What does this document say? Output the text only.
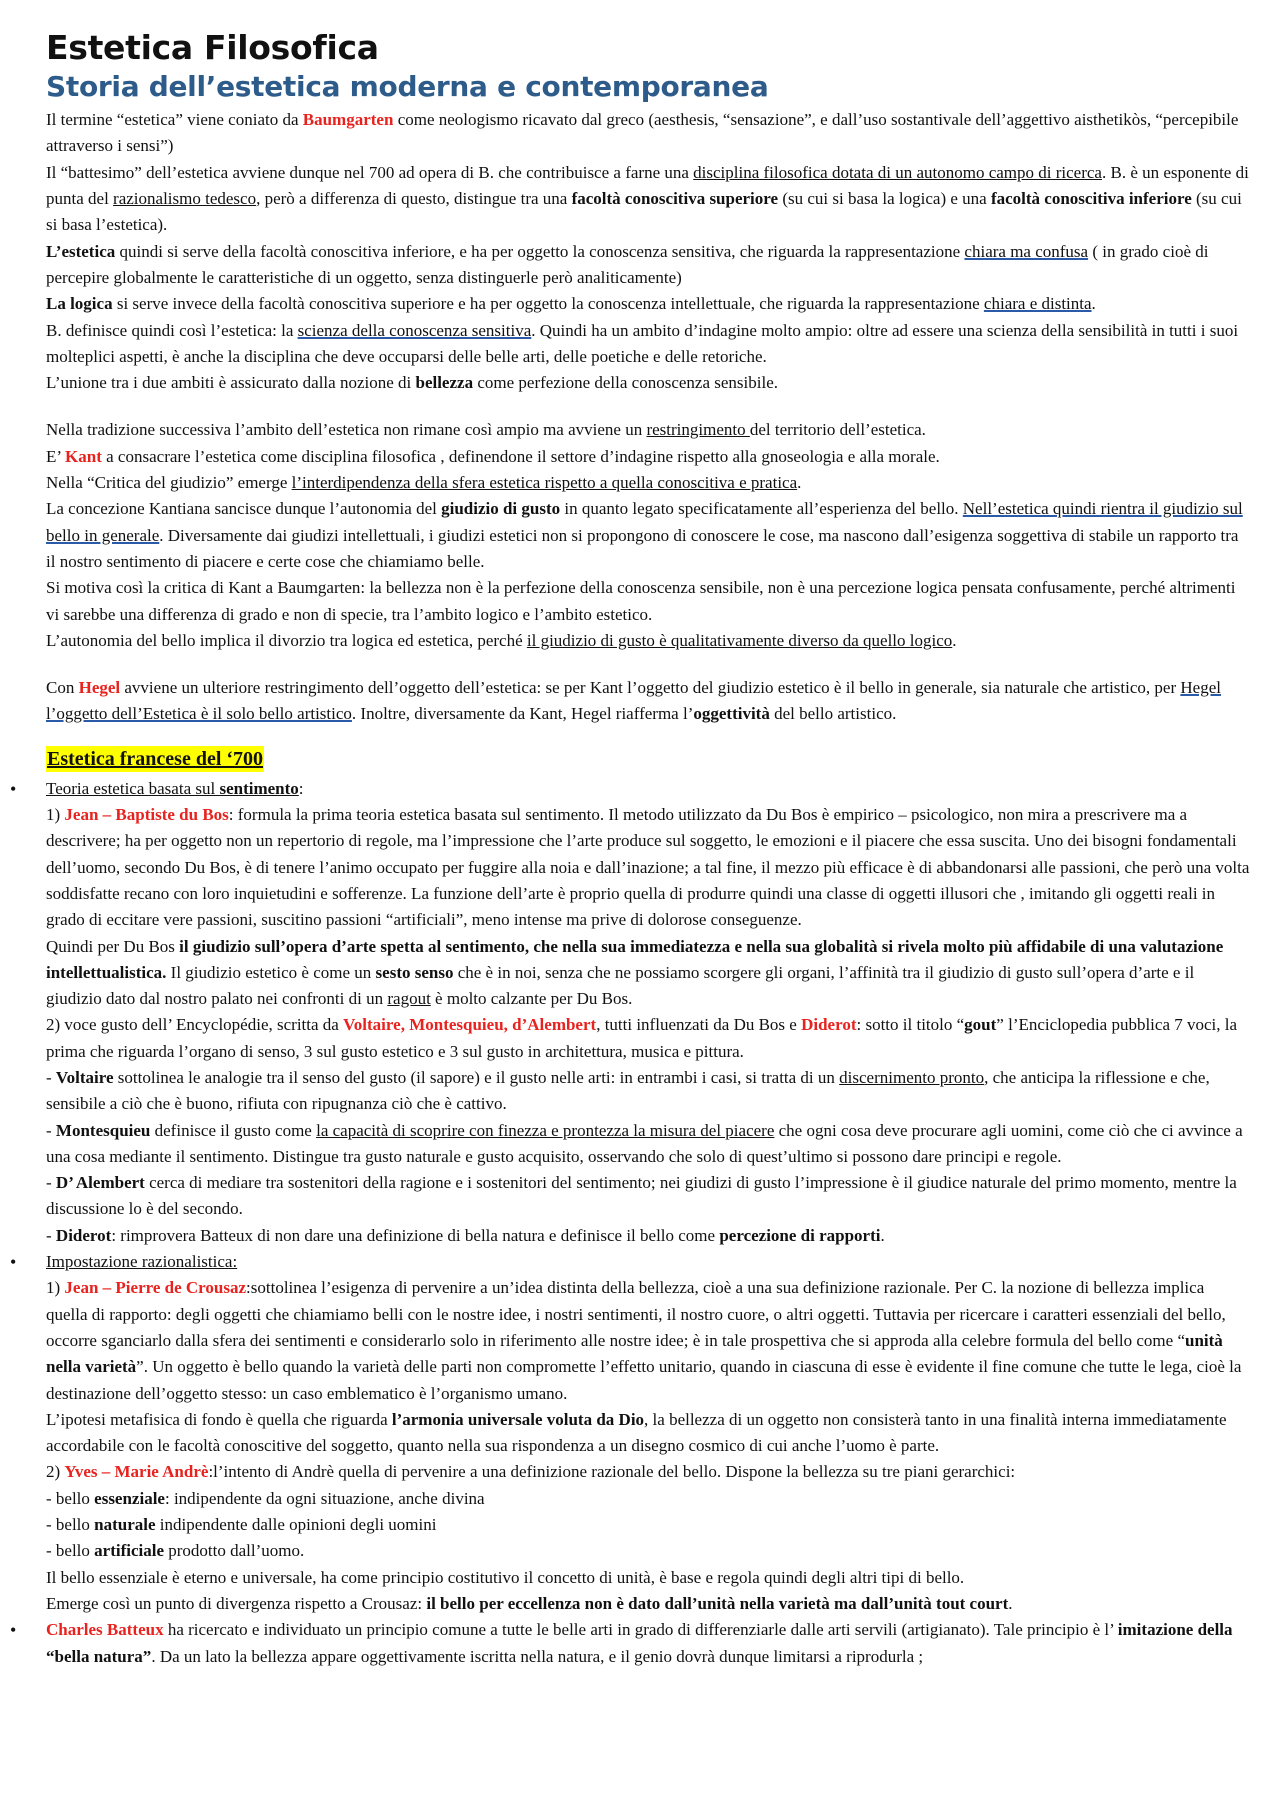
Estetica Filosofica
Storia dell’estetica moderna e contemporanea

Il termine “estetica” viene coniato da Baumgarten come neologismo ricavato dal greco (aesthesis, “sensazione”, e dall’uso sostantivale dell’aggettivo aisthetikòs, “percepibile attraverso i sensi”)

Il “battesimo” dell’estetica avviene dunque nel 700 ad opera di B. che contribuisce a farne una disciplina filosofica dotata di un autonomo campo di ricerca. B. è un esponente di punta del razionalismo tedesco, però a differenza di questo, distingue tra una facoltà conoscitiva superiore (su cui si basa la logica) e una facoltà conoscitiva inferiore (su cui si basa l’estetica).

L’estetica quindi si serve della facoltà conoscitiva inferiore, e ha per oggetto la conoscenza sensitiva, che riguarda la rappresentazione chiara ma confusa ( in grado cioè di percepire globalmente le caratteristiche di un oggetto, senza distinguerle però analiticamente)

La logica si serve invece della facoltà conoscitiva superiore e ha per oggetto la conoscenza intellettuale, che riguarda la rappresentazione chiara e distinta.

B. definisce quindi così l’estetica: la scienza della conoscenza sensitiva. Quindi ha un ambito d’indagine molto ampio: oltre ad essere una scienza della sensibilità in tutti i suoi molteplici aspetti, è anche la disciplina che deve occuparsi delle belle arti, delle poetiche e delle retoriche.

L’unione tra i due ambiti è assicurato dalla nozione di bellezza come perfezione della conoscenza sensibile.

Nella tradizione successiva l’ambito dell’estetica non rimane così ampio ma avviene un restringimento del territorio dell’estetica.

E’ Kant a consacrare l’estetica come disciplina filosofica , definendone il settore d’indagine rispetto alla gnoseologia e alla morale.

Nella “Critica del giudizio” emerge l’interdipendenza della sfera estetica rispetto a quella conoscitiva e pratica.

La concezione Kantiana sancisce dunque l’autonomia del giudizio di gusto in quanto legato specificatamente all’esperienza del bello. Nell’estetica quindi rientra il giudizio sul bello in generale. Diversamente dai giudizi intellettuali, i giudizi estetici non si propongono di conoscere le cose, ma nascono dall’esigenza soggettiva di stabile un rapporto tra il nostro sentimento di piacere e certe cose che chiamiamo belle.

Si motiva così la critica di Kant a Baumgarten: la bellezza non è la perfezione della conoscenza sensibile, non è una percezione logica pensata confusamente, perché altrimenti vi sarebbe una differenza di grado e non di specie, tra l’ambito logico e l’ambito estetico.

L’autonomia del bello implica il divorzio tra logica ed estetica, perché il giudizio di gusto è qualitativamente diverso da quello logico.

Con Hegel avviene un ulteriore restringimento dell’oggetto dell’estetica: se per Kant l’oggetto del giudizio estetico è il bello in generale, sia naturale che artistico, per Hegel l’oggetto dell’Estetica è il solo bello artistico. Inoltre, diversamente da Kant, Hegel riafferma l’oggettività del bello artistico.

Estetica francese del ‘700
• Teoria estetica basata sul sentimento:

1) Jean – Baptiste du Bos: formula la prima teoria estetica basata sul sentimento. Il metodo utilizzato da Du Bos è empirico – psicologico, non mira a prescrivere ma a descrivere; ha per oggetto non un repertorio di regole, ma l’impressione che l’arte produce sul soggetto, le emozioni e il piacere che essa suscita. Uno dei bisogni fondamentali dell’uomo, secondo Du Bos, è di tenere l’animo occupato per fuggire alla noia e dall’inazione; a tal fine, il mezzo più efficace è di abbandonarsi alle passioni, che però una volta soddisfatte recano con loro inquietudini e sofferenze. La funzione dell’arte è proprio quella di produrre quindi una classe di oggetti illusori che , imitando gli oggetti reali in grado di eccitare vere passioni, suscitino passioni “artificiali”, meno intense ma prive di dolorose conseguenze.

Quindi per Du Bos il giudizio sull’opera d’arte spetta al sentimento, che nella sua immediatezza e nella sua globalità si rivela molto più affidabile di una valutazione intellettualistica. Il giudizio estetico è come un sesto senso che è in noi, senza che ne possiamo scorgere gli organi, l’affinità tra il giudizio di gusto sull’opera d’arte e il giudizio dato dal nostro palato nei confronti di un ragout è molto calzante per Du Bos.

2) voce gusto dell’ Encyclopédie, scritta da Voltaire, Montesquieu, d’Alembert, tutti influenzati da Du Bos e Diderot: sotto il titolo “gout” l’Enciclopedia pubblica 7 voci, la prima che riguarda l’organo di senso, 3 sul gusto estetico e 3 sul gusto in architettura, musica e pittura.

- Voltaire sottolinea le analogie tra il senso del gusto (il sapore) e il gusto nelle arti: in entrambi i casi, si tratta di un discernimento pronto, che anticipa la riflessione e che, sensibile a ciò che è buono, rifiuta con ripugnanza ciò che è cattivo.

- Montesquieu definisce il gusto come la capacità di scoprire con finezza e prontezza la misura del piacere che ogni cosa deve procurare agli uomini, come ciò che ci avvince a una cosa mediante il sentimento. Distingue tra gusto naturale e gusto acquisito, osservando che solo di quest’ultimo si possono dare principi e regole.

- D’ Alembert cerca di mediare tra sostenitori della ragione e i sostenitori del sentimento; nei giudizi di gusto l’impressione è il giudice naturale del primo momento, mentre la discussione lo è del secondo.

- Diderot: rimprovera Batteux di non dare una definizione di bella natura e definisce il bello come percezione di rapporti.

• Impostazione razionalistica:

1) Jean – Pierre de Crousaz:sottolinea l’esigenza di pervenire a un’idea distinta della bellezza, cioè a una sua definizione razionale. Per C. la nozione di bellezza implica quella di rapporto: degli oggetti che chiamiamo belli con le nostre idee, i nostri sentimenti, il nostro cuore, o altri oggetti. Tuttavia per ricercare i caratteri essenziali del bello, occorre sganciarlo dalla sfera dei sentimenti e considerarlo solo in riferimento alle nostre idee; è in tale prospettiva che si approda alla celebre formula del bello come “unità nella varietà”. Un oggetto è bello quando la varietà delle parti non compromette l’effetto unitario, quando in ciascuna di esse è evidente il fine comune che tutte le lega, cioè la destinazione dell’oggetto stesso: un caso emblematico è l’organismo umano.

L’ipotesi metafisica di fondo è quella che riguarda l’armonia universale voluta da Dio, la bellezza di un oggetto non consisterà tanto in una finalità interna immediatamente accordabile con le facoltà conoscitive del soggetto, quanto nella sua rispondenza a un disegno cosmico di cui anche l’uomo è parte.

2) Yves – Marie Andrè:l’intento di Andrè quella di pervenire a una definizione razionale del bello. Dispone la bellezza su tre piani gerarchici:

- bello essenziale: indipendente da ogni situazione, anche divina

- bello naturale indipendente dalle opinioni degli uomini

- bello artificiale prodotto dall’uomo.

Il bello essenziale è eterno e universale, ha come principio costitutivo il concetto di unità, è base e regola quindi degli altri tipi di bello.

Emerge così un punto di divergenza rispetto a Crousaz: il bello per eccellenza non è dato dall’unità nella varietà ma dall’unità tout court.

• Charles Batteux ha ricercato e individuato un principio comune a tutte le belle arti in grado di differenziarle dalle arti servili (artigianato). Tale principio è l’ imitazione della “bella natura”. Da un lato la bellezza appare oggettivamente iscritta nella natura, e il genio dovrà dunque limitarsi a riprodurla ;
